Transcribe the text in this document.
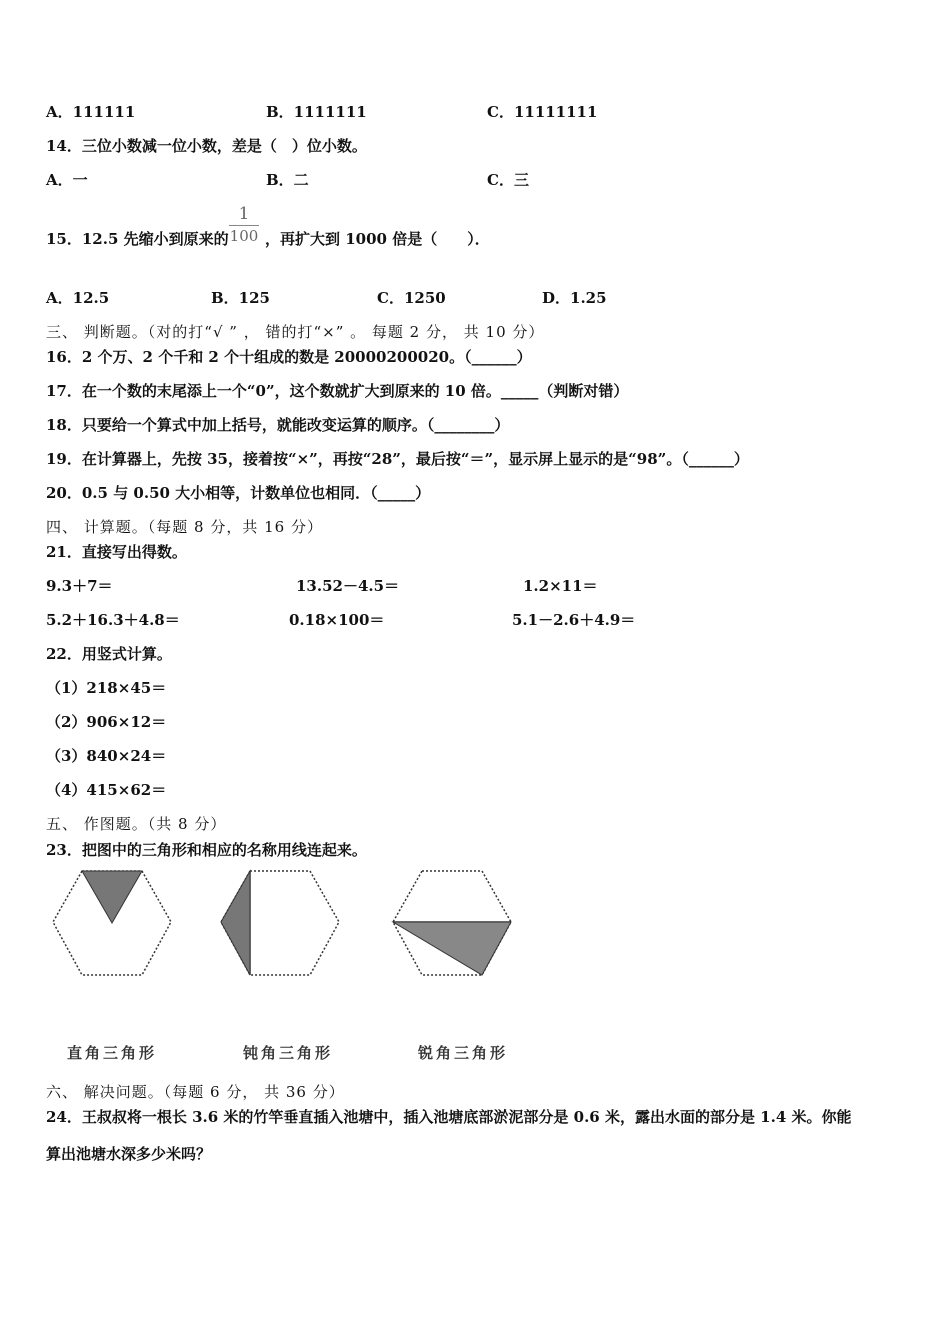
A．111111	B．1111111	C．11111111
14．三位小数减一位小数，差是（　）位小数。
A．一	B．二	C．三
15．12.5 先缩小到原来的
1
100 ，再扩大到 1000 倍是（　　）．
A．12.5	B．125	C．1250	D．1.25
三、 判断题。（对的打“√ ” ， 错的打“×” 。 每题 2 分， 共 10 分）
16．2 个万、2 个千和 2 个十组成的数是 20000200020。（______）
17．在一个数的末尾添上一个“0”，这个数就扩大到原来的 10 倍。_____（判断对错）
18．只要给一个算式中加上括号，就能改变运算的顺序。（________）
19．在计算器上，先按 35，接着按“×”，再按“28”，最后按“＝”，显示屏上显示的是“98”。（______）
20．0.5 与 0.50 大小相等，计数单位也相同．（_____）
四、 计算题。（每题 8 分，共 16 分）
21．直接写出得数。
9.3＋7＝	13.52－4.5＝	1.2×11＝
5.2＋16.3＋4.8＝	0.18×100＝	5.1－2.6＋4.9＝
22．用竖式计算。
（1）218×45＝
（2）906×12＝
（3）840×24＝
（4）415×62＝
五、 作图题。（共 8 分）
23．把图中的三角形和相应的名称用线连起来。
直角三角形	钝角三角形	锐角三角形
六、 解决问题。（每题 6 分， 共 36 分）
24．王叔叔将一根长 3.6 米的竹竿垂直插入池塘中，插入池塘底部淤泥部分是 0.6 米，露出水面的部分是 1.4 米。你能
算出池塘水深多少米吗？
